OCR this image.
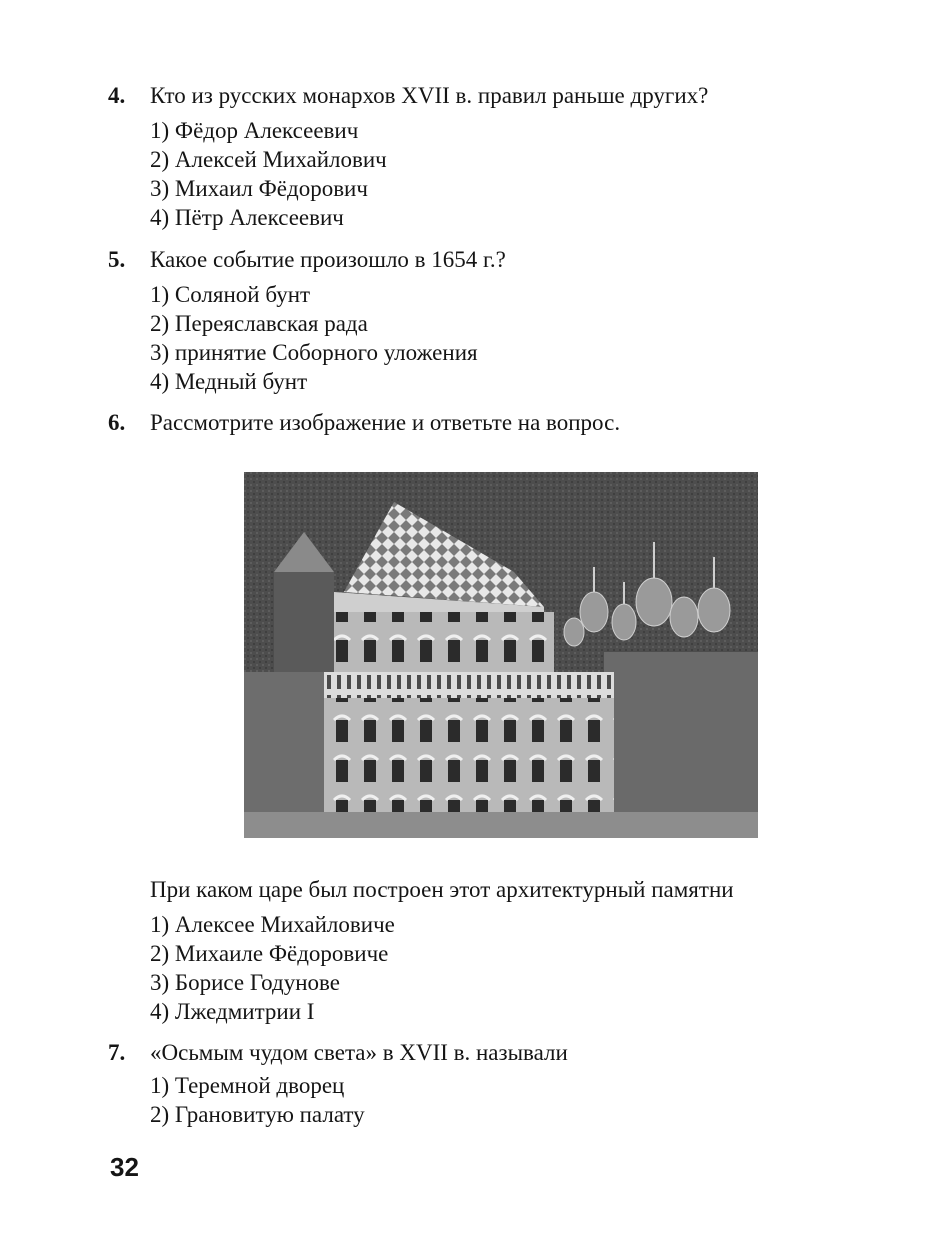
4. Кто из русских монархов XVII в. правил раньше других?
1) Фёдор Алексеевич
2) Алексей Михайлович
3) Михаил Фёдорович
4) Пётр Алексеевич
5. Какое событие произошло в 1654 г.?
1) Соляной бунт
2) Переяславская рада
3) принятие Соборного уложения
4) Медный бунт
6. Рассмотрите изображение и ответьте на вопрос.
При каком царе был построен этот архитектурный памятни
1) Алексее Михайловиче
2) Михаиле Фёдоровиче
3) Борисе Годунове
4) Лжедмитрии I
7. «Осьмым чудом света» в XVII в. называли
1) Теремной дворец
2) Грановитую палату
32
